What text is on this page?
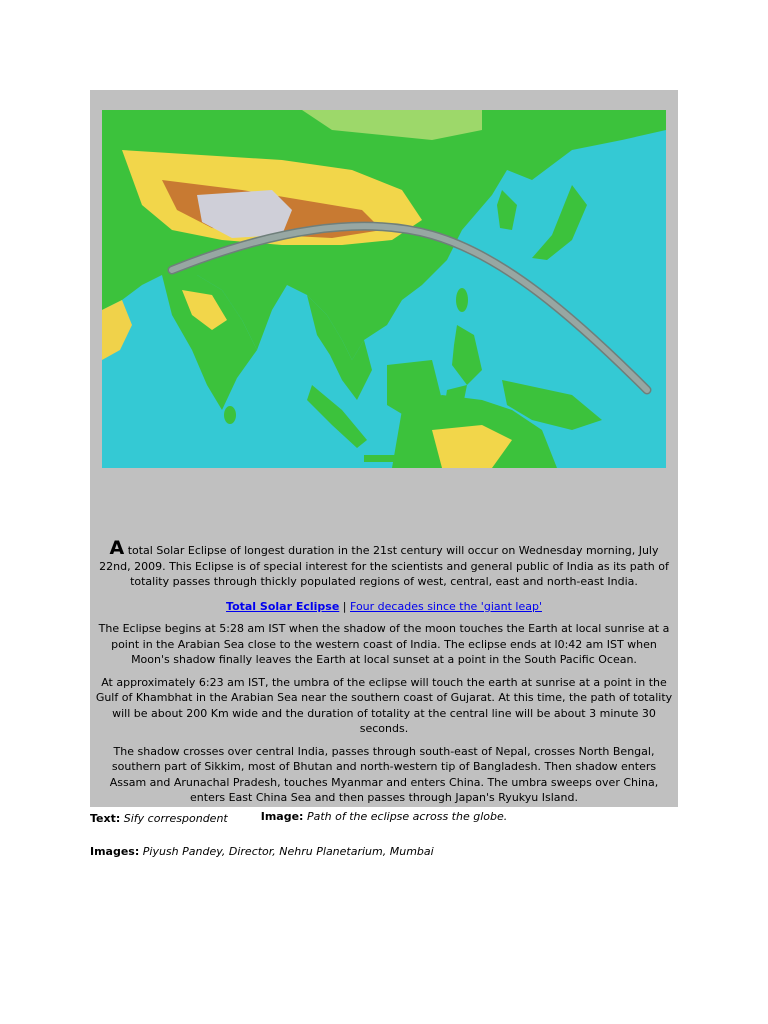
A total Solar Eclipse of longest duration in the 21st century will occur on Wednesday morning, July 22nd, 2009. This Eclipse is of special interest for the scientists and general public of India as its path of totality passes through thickly populated regions of west, central, east and north-east India.

Total Solar Eclipse | Four decades since the 'giant leap'

The Eclipse begins at 5:28 am IST when the shadow of the moon touches the Earth at local sunrise at a point in the Arabian Sea close to the western coast of India. The eclipse ends at l0:42 am IST when Moon's shadow finally leaves the Earth at local sunset at a point in the South Pacific Ocean.

At approximately 6:23 am IST, the umbra of the eclipse will touch the earth at sunrise at a point in the Gulf of Khambhat in the Arabian Sea near the southern coast of Gujarat. At this time, the path of totality will be about 200 Km wide and the duration of totality at the central line will be about 3 minute 30 seconds.

The shadow crosses over central India, passes through south-east of Nepal, crosses North Bengal, southern part of Sikkim, most of Bhutan and north-western tip of Bangladesh. Then shadow enters Assam and Arunachal Pradesh, touches Myanmar and enters China. The umbra sweeps over China, enters East China Sea and then passes through Japan's Ryukyu Island.

Image: Path of the eclipse across the globe.

Text: Sify correspondent
Images: Piyush Pandey, Director, Nehru Planetarium, Mumbai
